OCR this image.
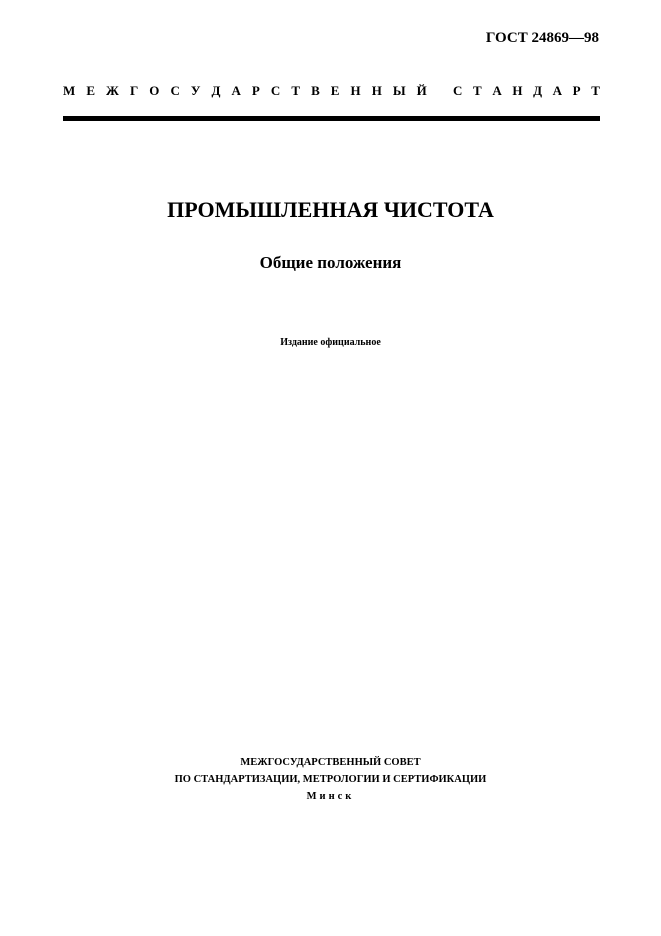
ГОСТ 24869—98
М Е Ж Г О С У Д А Р С Т В Е Н Н Ы Й С Т А Н Д А Р Т
ПРОМЫШЛЕННАЯ ЧИСТОТА
Общие положения
Издание официальное
МЕЖГОСУДАРСТВЕННЫЙ СОВЕТ
ПО СТАНДАРТИЗАЦИИ, МЕТРОЛОГИИ И СЕРТИФИКАЦИИ
Минск
